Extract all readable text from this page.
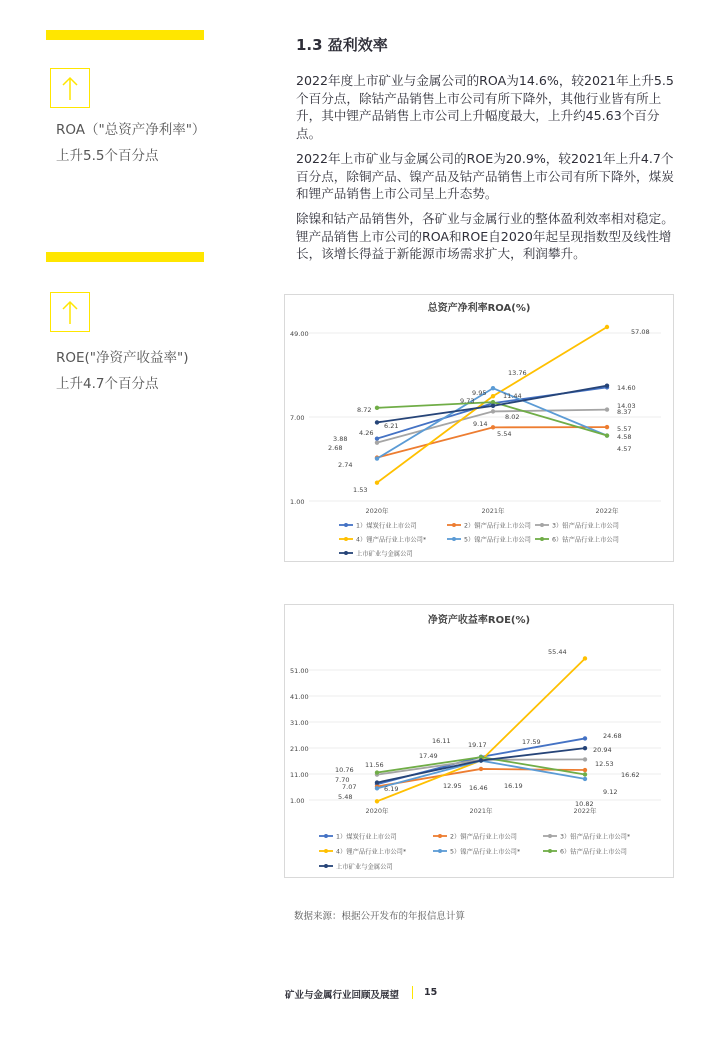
ROA（"总资产净利率"）
上升5.5个百分点
ROE("净资产收益率")
上升4.7个百分点
1.3 盈利效率
2022年度上市矿业与金属公司的ROA为14.6%，较2021年上升5.5个百分点，除钴产品销售上市公司有所下降外，其他行业皆有所上升，其中锂产品销售上市公司上升幅度最大，上升约45.63个百分点。
2022年上市矿业与金属公司的ROE为20.9%，较2021年上升4.7个百分点，除铜产品、镍产品及钴产品销售上市公司有所下降外，煤炭和锂产品销售上市公司呈上升态势。
除镍和钴产品销售外，各矿业与金属行业的整体盈利效率相对稳定。锂产品销售上市公司的ROA和ROE自2020年起呈现指数型及线性增长，该增长得益于新能源市场需求扩大，利润攀升。
总资产净利率ROA(%)
2020年	2021年	2022年
49.00
7.00
1.00
8.72
6.21
4.26
3.88
2.68
2.74
1.53
13.76
9.95
9.73
11.44
8.02
9.14
5.54
57.08
14.60
14.03
8.37
5.57
4.58
4.57
1）煤炭行业上市公司	2）铜产品行业上市公司	3）铝产品行业上市公司
4）锂产品行业上市公司*	5）镍产品行业上市公司	6）钴产品行业上市公司
上市矿业与金属公司
净资产收益率ROE(%)
2020年	2021年	2022年
51.00
41.00
31.00
21.00
11.00
1.00
11.56
10.76
7.70
7.07	6.19
5.48
16.11	19.17
17.49
17.59
12.95 16.46	16.19
55.44
24.68
20.94
12.53
16.62
9.12
10.82
1）煤炭行业上市公司	2）铜产品行业上市公司	3）铝产品行业上市公司*
4）锂产品行业上市公司*	5）镍产品行业上市公司*	6）钴产品行业上市公司
上市矿业与金属公司
数据来源：根据公开发布的年报信息计算
矿业与金属行业回顾及展望	15
